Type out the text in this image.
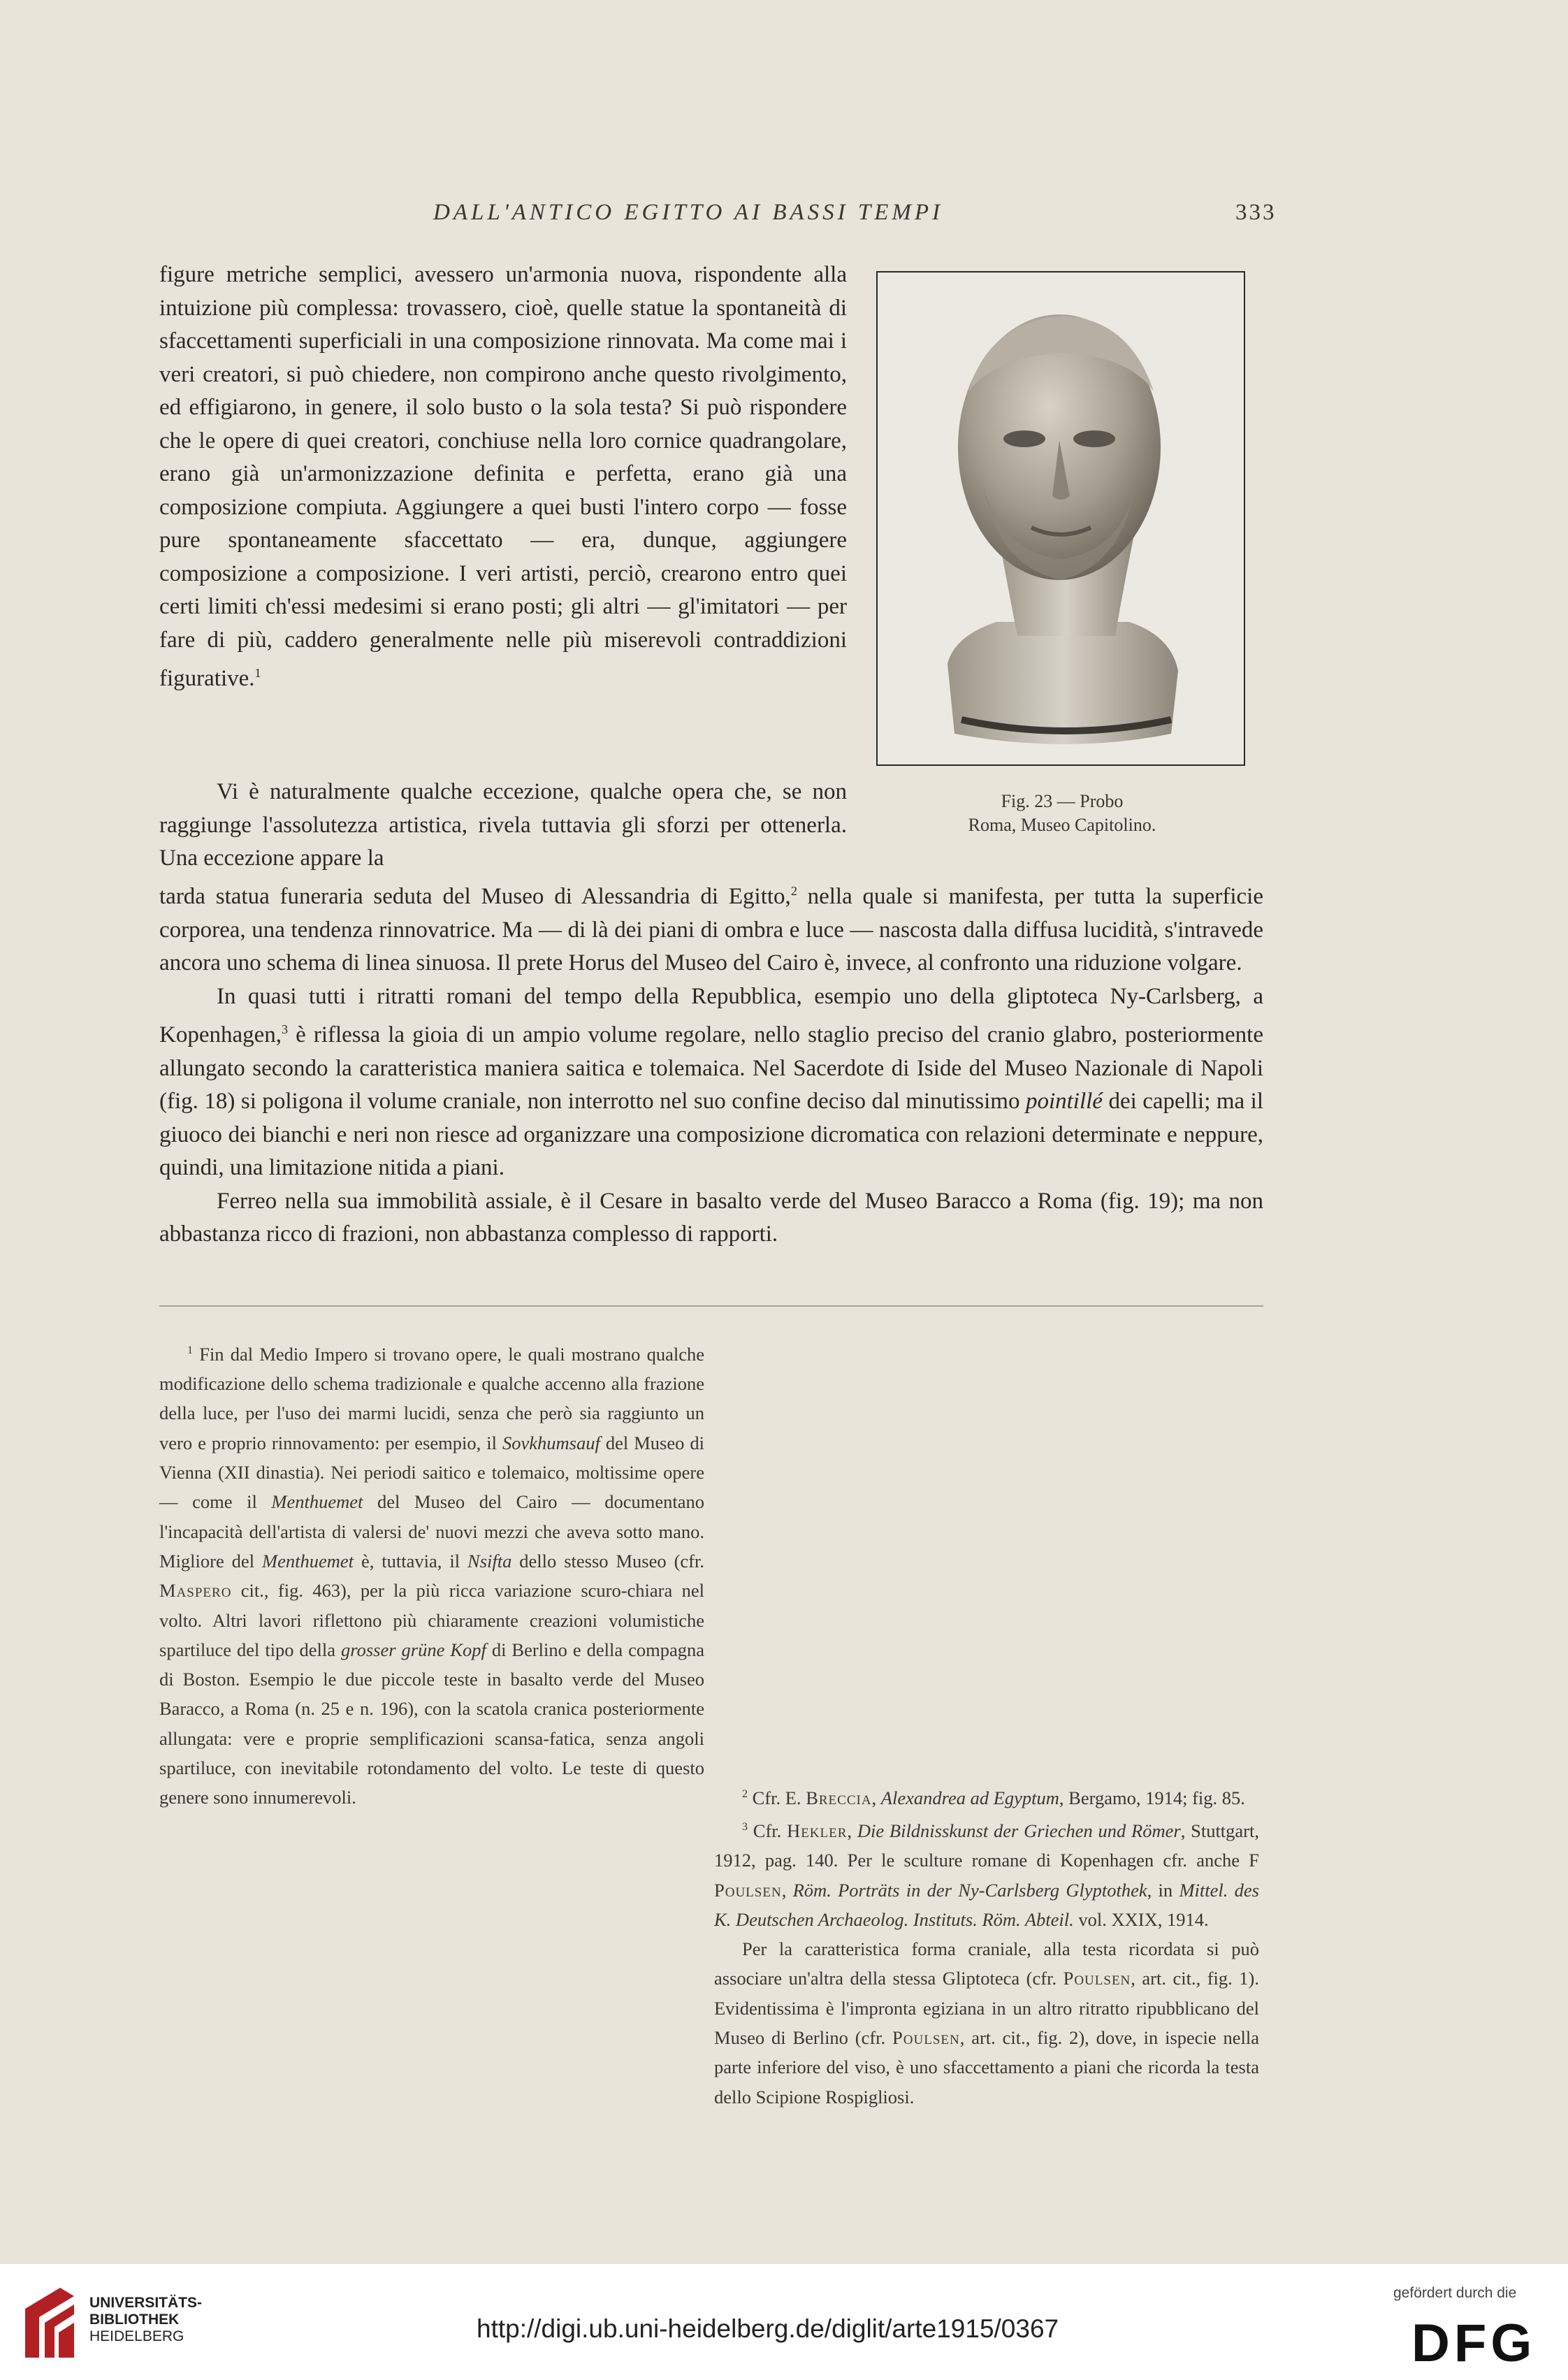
DALL'ANTICO EGITTO AI BASSI TEMPI	333

figure metriche semplici, avessero un'armonia nuova, rispondente alla intuizione più complessa: trovassero, cioè, quelle statue la spontaneità di sfaccettamenti superficiali in una composizione rinnovata. Ma come mai i veri creatori, si può chiedere, non compirono anche questo rivolgimento, ed effigiarono, in genere, il solo busto o la sola testa? Si può rispondere che le opere di quei creatori, conchiuse nella loro cornice quadrangolare, erano già un'armonizzazione definita e perfetta, erano già una composizione compiuta. Aggiungere a quei busti l'intero corpo — fosse pure spontaneamente sfaccettato — era, dunque, aggiungere composizione a composizione. I veri artisti, perciò, crearono entro quei certi limiti ch'essi medesimi si erano posti; gli altri — gl'imitatori — per fare di più, caddero generalmente nelle più miserevoli contraddizioni figurative.$^1$

Vi è naturalmente qualche eccezione, qualche opera che, se non raggiunge l'assolutezza artistica, rivela tuttavia gli sforzi per ottenerla. Una eccezione appare la

tarda statua funeraria seduta del Museo di Alessandria di Egitto,$^2$ nella quale si manifesta, per tutta la superficie corporea, una tendenza rinnovatrice. Ma — di là dei piani di ombra e luce — nascosta dalla diffusa lucidità, s'intravede ancora uno schema di linea sinuosa. Il prete Horus del Museo del Cairo è, invece, al confronto una riduzione volgare.

In quasi tutti i ritratti romani del tempo della Repubblica, esempio uno della gliptoteca Ny-Carlsberg, a Kopenhagen,$^3$ è riflessa la gioia di un ampio volume regolare, nello staglio preciso del cranio glabro, posteriormente allungato secondo la caratteristica maniera saitica e tolemaica. Nel Sacerdote di Iside del Museo Nazionale di Napoli (fig. 18) si poligona il volume craniale, non interrotto nel suo confine deciso dal minutissimo pointillé dei capelli; ma il giuoco dei bianchi e neri non riesce ad organizzare una composizione dicromatica con relazioni determinate e neppure, quindi, una limitazione nitida a piani.

Ferreo nella sua immobilità assiale, è il Cesare in basalto verde del Museo Baracco a Roma (fig. 19); ma non abbastanza ricco di frazioni, non abbastanza complesso di rapporti.

Fig. 23 — Probo
Roma, Museo Capitolino.

$^1$ Fin dal Medio Impero si trovano opere, le quali mostrano qualche modificazione dello schema tradizionale e qualche accenno alla frazione della luce, per l'uso dei marmi lucidi, senza che però sia raggiunto un vero e proprio rinnovamento: per esempio, il Sovkhumsauf del Museo di Vienna (XII dinastia). Nei periodi saitico e tolemaico, moltissime opere — come il Menthuemet del Museo del Cairo — documentano l'incapacità dell'artista di valersi de' nuovi mezzi che aveva sotto mano. Migliore del Menthuemet è, tuttavia, il Nsifta dello stesso Museo (cfr. Maspero cit., fig. 463), per la più ricca variazione scuro-chiara nel volto. Altri lavori riflettono più chiaramente creazioni volumistiche spartiluce del tipo della grosser grüne Kopf di Berlino e della compagna di Boston. Esempio le due piccole teste in basalto verde del Museo Baracco, a Roma (n. 25 e n. 196), con la scatola cranica posteriormente allungata: vere e proprie semplificazioni scansa-fatica, senza angoli spartiluce, con inevitabile rotondamento del volto. Le teste di questo genere sono innumerevoli.	$^2$ Cfr. E. Breccia, Alexandrea ad Egyptum, Bergamo, 1914; fig. 85.

$^3$ Cfr. Hekler, Die Bildnisskunst der Griechen und Römer, Stuttgart, 1912, pag. 140. Per le sculture romane di Kopenhagen cfr. anche F Poulsen, Röm. Porträts in der Ny-Carlsberg Glyptothek, in Mittel. des K. Deutschen Archaeolog. Instituts. Röm. Abteil. vol. XXIX, 1914.

Per la caratteristica forma craniale, alla testa ricordata si può associare un'altra della stessa Gliptoteca (cfr. Poulsen, art. cit., fig. 1). Evidentissima è l'impronta egiziana in un altro ritratto ripubblicano del Museo di Berlino (cfr. Poulsen, art. cit., fig. 2), dove, in ispecie nella parte inferiore del viso, è uno sfaccettamento a piani che ricorda la testa dello Scipione Rospigliosi.

UNIVERSITÄTS-
BIBLIOTHEK
HEIDELBERG	http://digi.ub.uni-heidelberg.de/diglit/arte1915/0367
gefördert durch die
DFG
